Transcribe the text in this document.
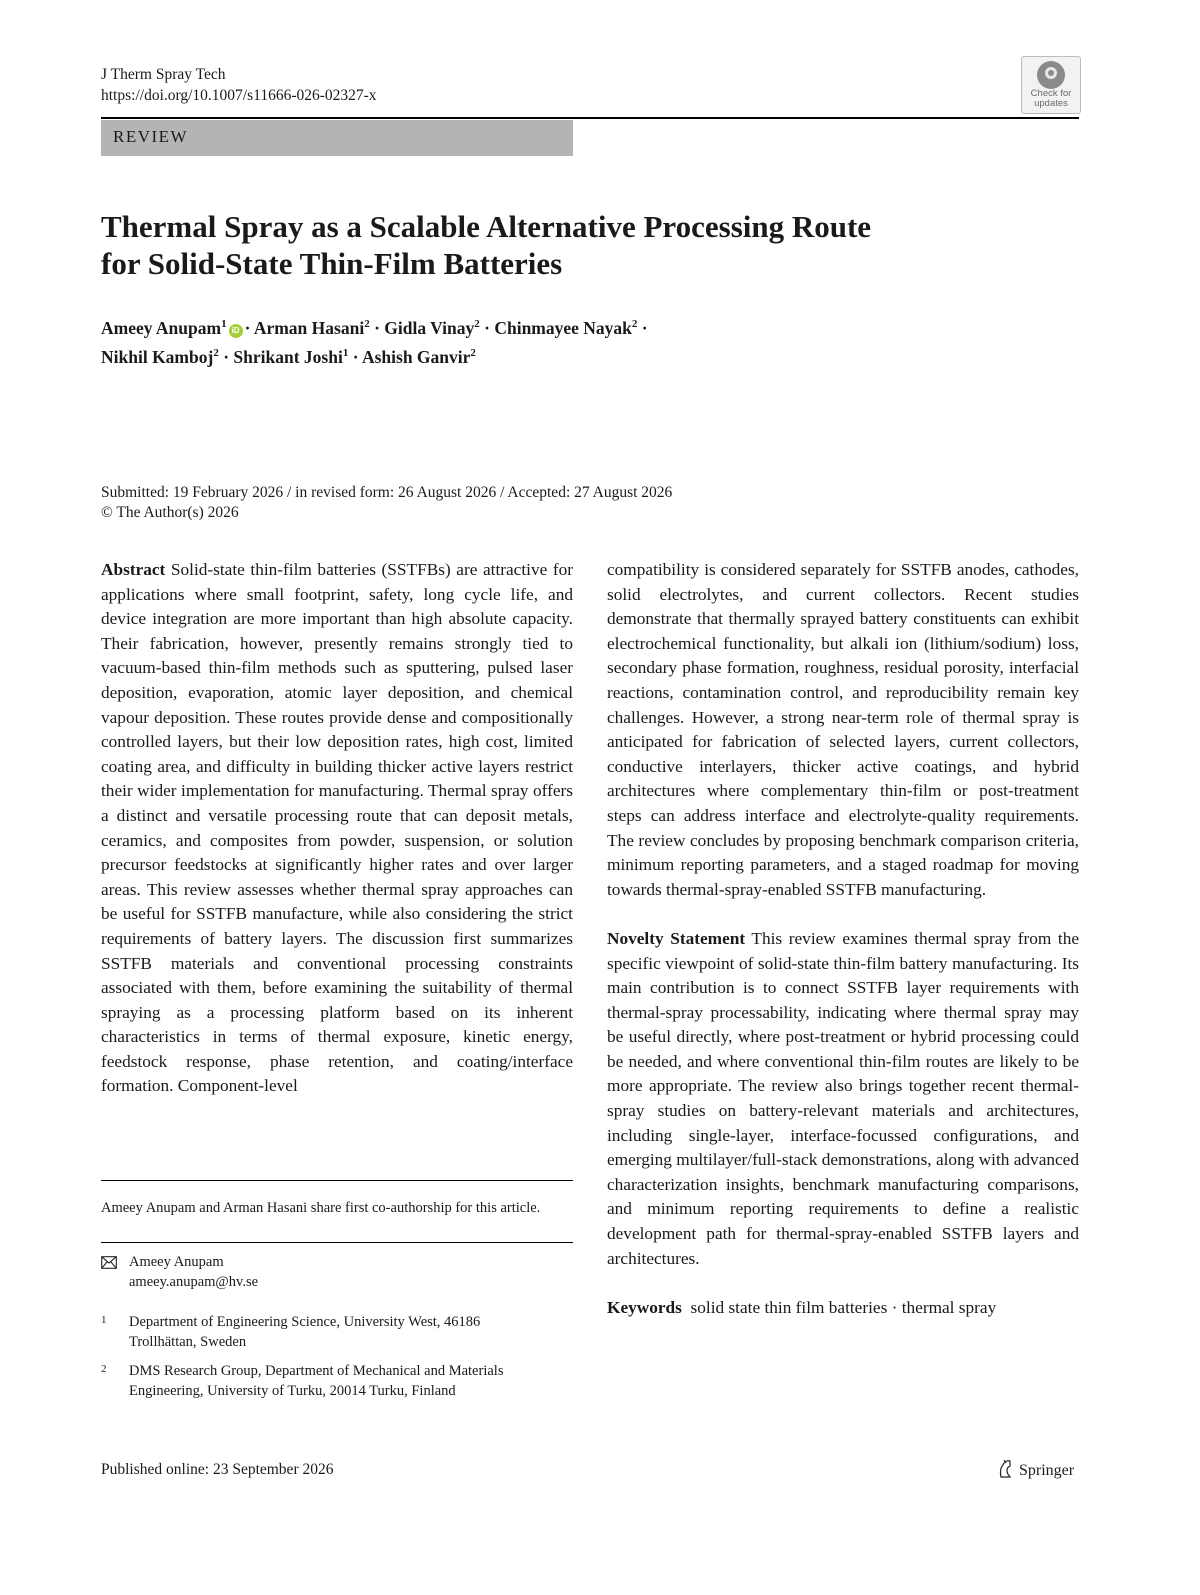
J Therm Spray Tech
https://doi.org/10.1007/s11666-026-02327-x	Check for
updates
REVIEW
Thermal Spray as a Scalable Alternative Processing Route
for Solid-State Thin-Film Batteries
Ameey Anupam$^1$iD · Arman Hasani$^2$ · Gidla Vinay$^2$ · Chinmayee Nayak$^2$ ·
Nikhil Kamboj$^2$ · Shrikant Joshi$^1$ · Ashish Ganvir$^2$
Submitted: 19 February 2026 / in revised form: 26 August 2026 / Accepted: 27 August 2026
© The Author(s) 2026

Abstract Solid-state thin-film batteries (SSTFBs) are attractive for applications where small footprint, safety, long cycle life, and device integration are more important than high absolute capacity. Their fabrication, however, presently remains strongly tied to vacuum-based thin-film methods such as sputtering, pulsed laser deposition, evaporation, atomic layer deposition, and chemical vapour deposition. These routes provide dense and compositionally controlled layers, but their low deposition rates, high cost, limited coating area, and difficulty in building thicker active layers restrict their wider implementation for manufacturing. Thermal spray offers a distinct and versatile processing route that can deposit metals, ceramics, and composites from powder, suspension, or solution precursor feedstocks at significantly higher rates and over larger areas. This review assesses whether thermal spray approaches can be useful for SSTFB manufacture, while also considering the strict requirements of battery layers. The discussion first summarizes SSTFB materials and conventional processing constraints associated with them, before examining the suitability of thermal spraying as a processing platform based on its inherent characteristics in terms of thermal exposure, kinetic energy, feedstock response, phase retention, and coating/interface formation. Component-level

Ameey Anupam and Arman Hasani share first co-authorship for this article.
Ameey Anupam
ameey.anupam@hv.se
1 Department of Engineering Science, University West, 46186 Trollhättan, Sweden
2 DMS Research Group, Department of Mechanical and Materials Engineering, University of Turku, 20014 Turku, Finland

compatibility is considered separately for SSTFB anodes, cathodes, solid electrolytes, and current collectors. Recent studies demonstrate that thermally sprayed battery constituents can exhibit electrochemical functionality, but alkali ion (lithium/sodium) loss, secondary phase formation, roughness, residual porosity, interfacial reactions, contamination control, and reproducibility remain key challenges. However, a strong near-term role of thermal spray is anticipated for fabrication of selected layers, current collectors, conductive interlayers, thicker active coatings, and hybrid architectures where complementary thin-film or post-treatment steps can address interface and electrolyte-quality requirements. The review concludes by proposing benchmark comparison criteria, minimum reporting parameters, and a staged roadmap for moving towards thermal-spray-enabled SSTFB manufacturing.

Novelty Statement This review examines thermal spray from the specific viewpoint of solid-state thin-film battery manufacturing. Its main contribution is to connect SSTFB layer requirements with thermal-spray processability, indicating where thermal spray may be useful directly, where post-treatment or hybrid processing could be needed, and where conventional thin-film routes are likely to be more appropriate. The review also brings together recent thermal-spray studies on battery-relevant materials and architectures, including single-layer, interface-focussed configurations, and emerging multilayer/full-stack demonstrations, along with advanced characterization insights, benchmark manufacturing comparisons, and minimum reporting requirements to define a realistic development path for thermal-spray-enabled SSTFB layers and architectures.

Keywords solid state thin film batteries · thermal spray

Published online: 23 September 2026	Springer
